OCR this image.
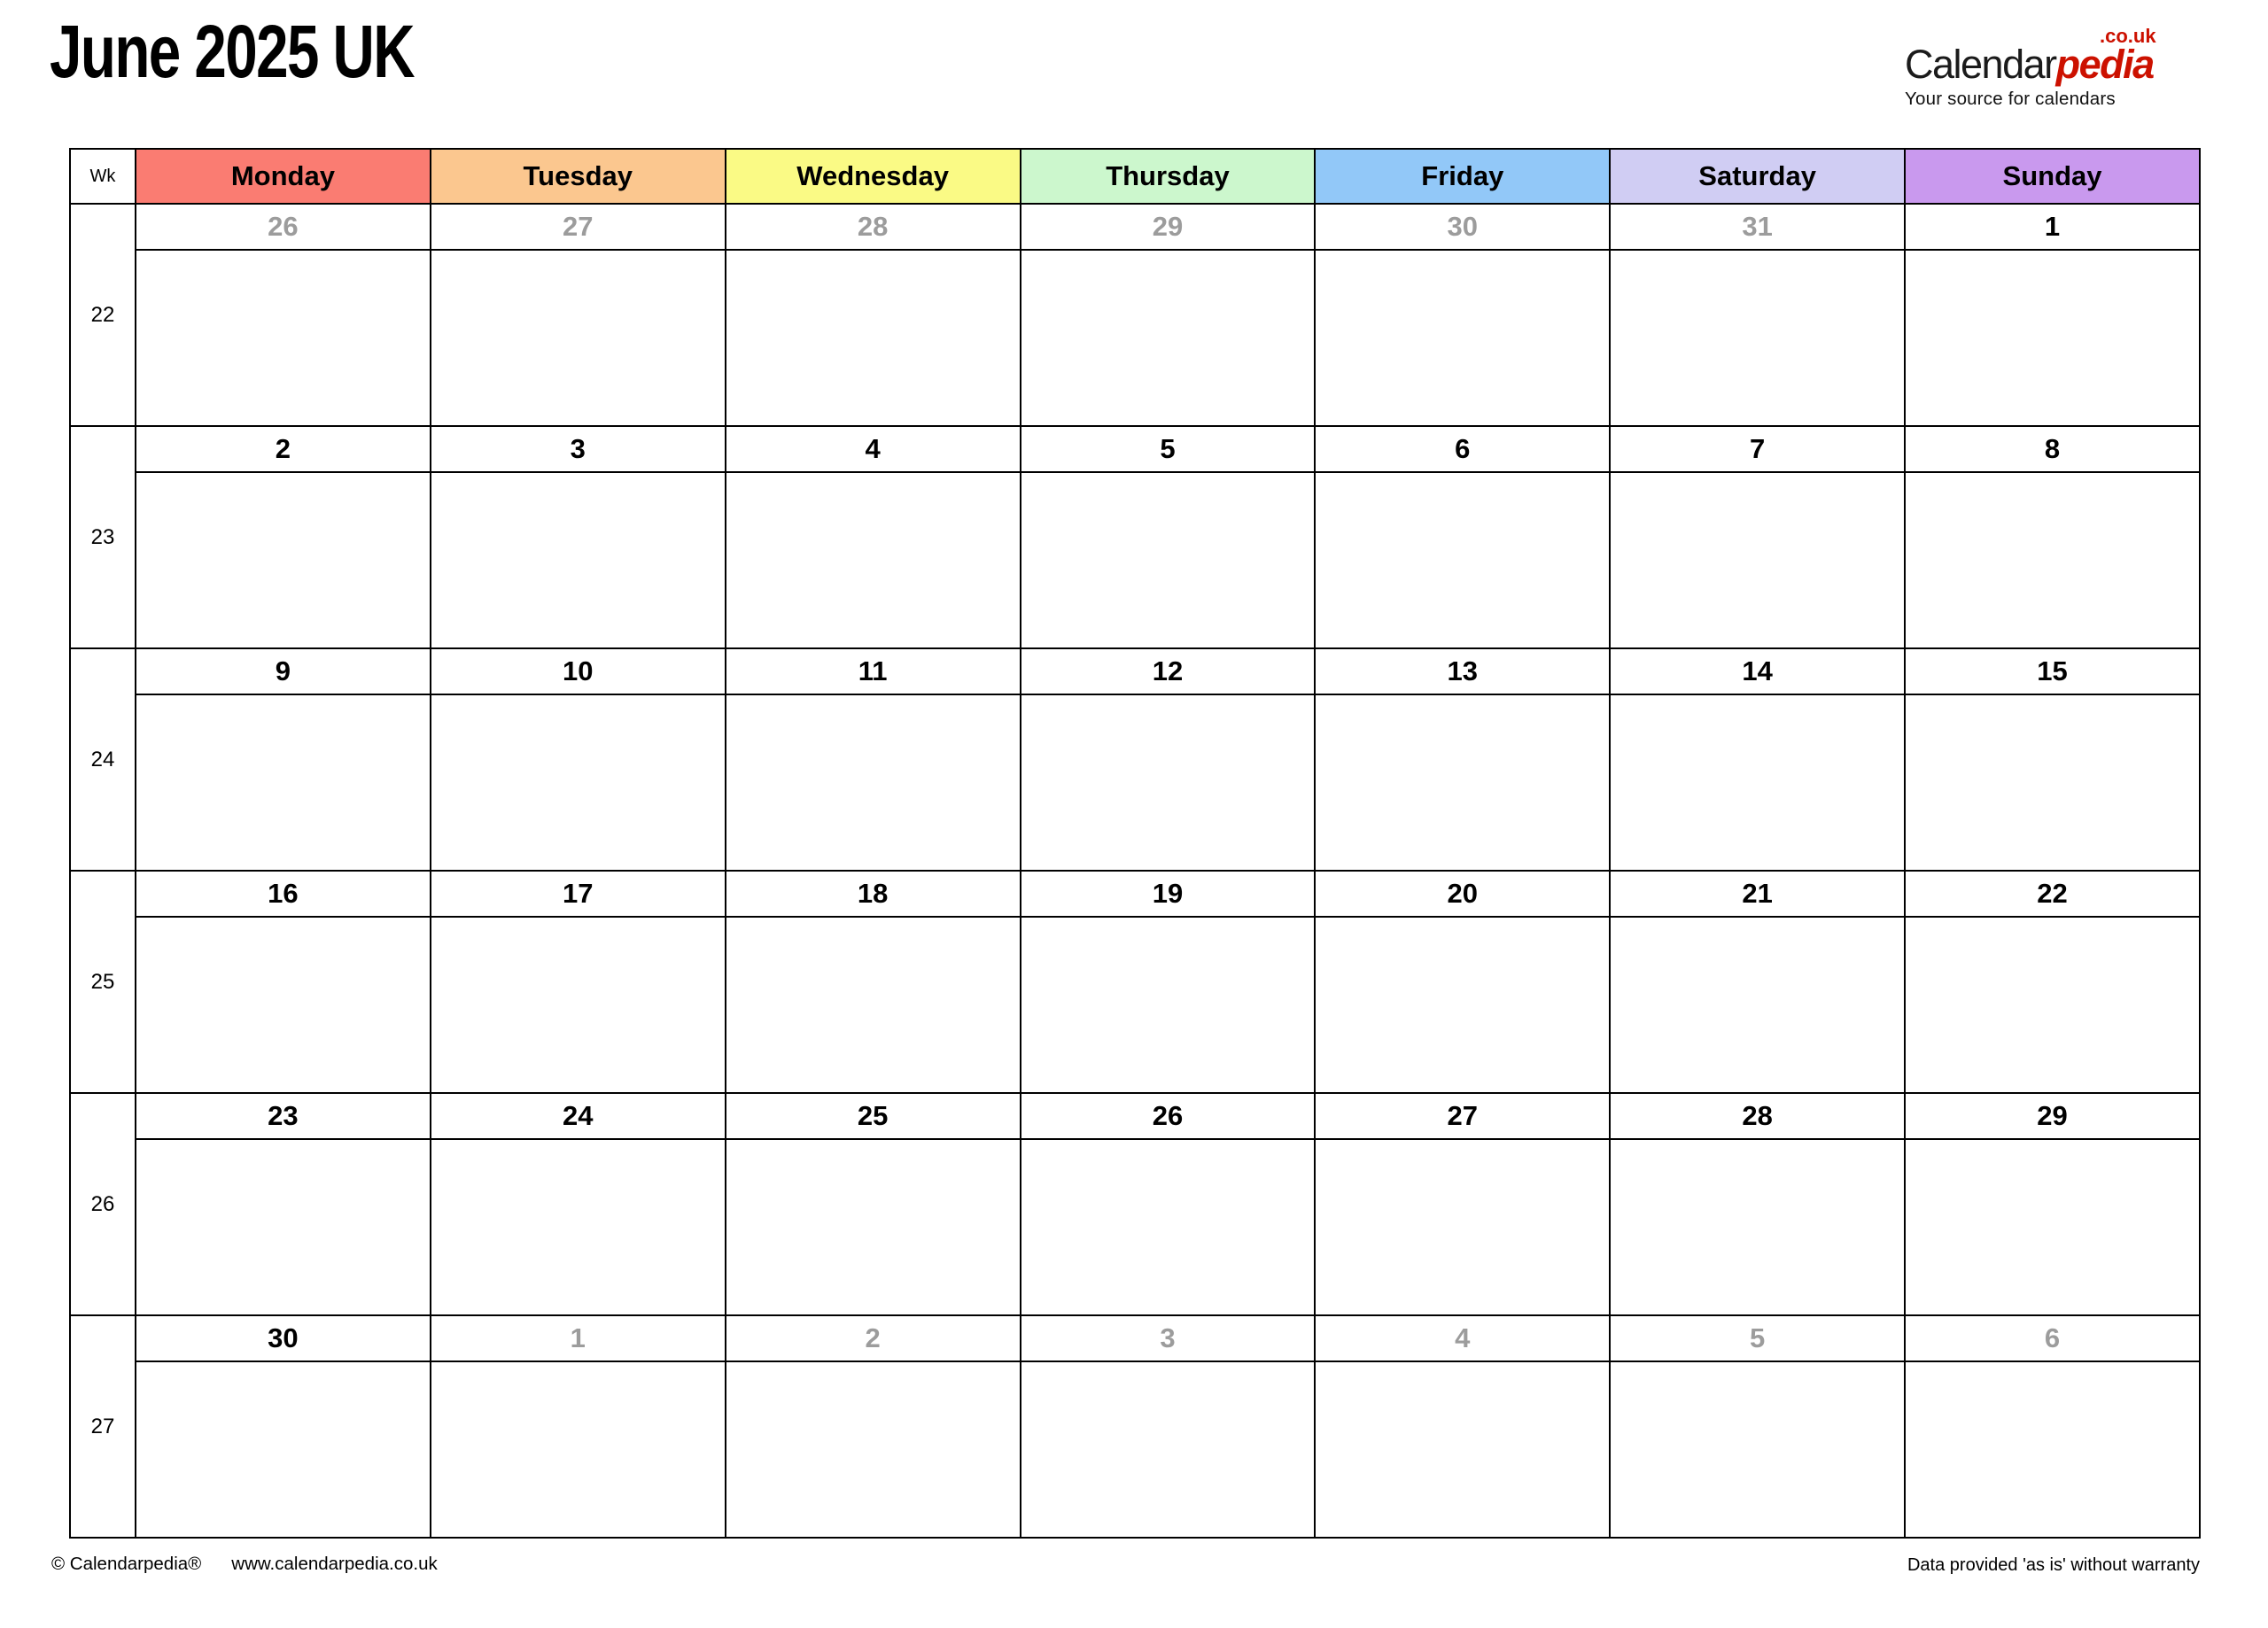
June 2025 UK	Calendarpedia
.co.uk
Your source for calendars
Wk	Monday	Tuesday	Wednesday	Thursday	Friday	Saturday	Sunday
22	26	27	28	29	30	31	1

23	2	3	4	5	6	7	8

24	9	10	11	12	13	14	15

25	16	17	18	19	20	21	22

26	23	24	25	26	27	28	29

27	30	1	2	3	4	5	6

© Calendarpedia® www.calendarpedia.co.uk	Data provided 'as is' without warranty
